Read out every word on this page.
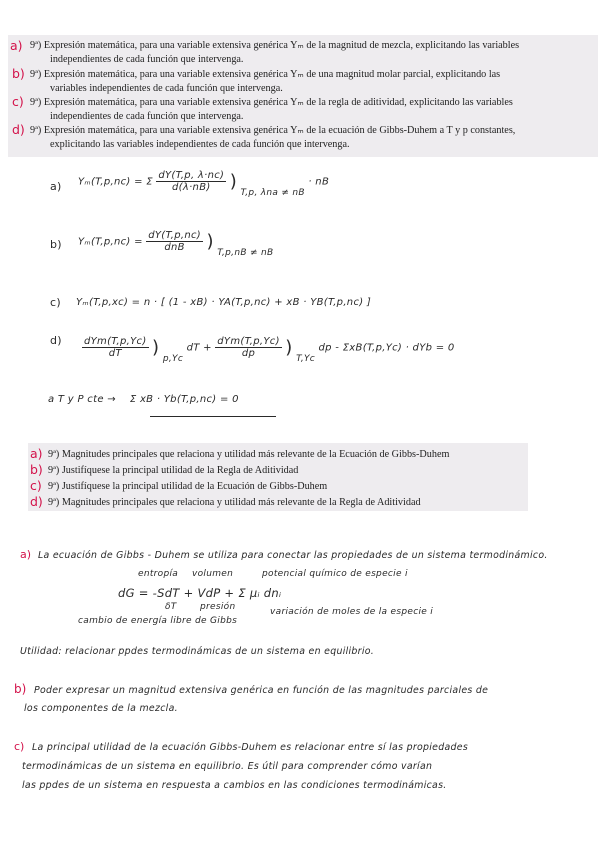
a) 9ª) Expresión matemática, para una variable extensiva genérica Yₘ de la magnitud de mezcla, explicitando las variables
independientes de cada función que intervenga.
b) 9ª) Expresión matemática, para una variable extensiva genérica Yₘ de una magnitud molar parcial, explicitando las
variables independientes de cada función que intervenga.
c) 9ª) Expresión matemática, para una variable extensiva genérica Yₘ de la regla de aditividad, explicitando las variables
independientes de cada función que intervenga.
d) 9ª) Expresión matemática, para una variable extensiva genérica Yₘ de la ecuación de Gibbs-Duhem a T y p constantes,
explicitando las variables independientes de cada función que intervenga.
a) Yₘ(T,p,nc) = Σ $\frac{dY(T,p, \lambda\cdot nc)}{d(\lambda\cdot nB)}$ ) T,p, λna ≠ nB · nB
b) $Y_m(T,p,nc) = \frac{dY(T,p,nc)}{\text{dnB}}$ ) T,p,nB ≠ nB
c) Yₘ(T,p,xc) = n · [ (1 - xB) · YA(T,p,nc) + xB · YB(T,p,nc) ]
$d) \frac{\text{dYm(T,p,Yc)}}{dT}$ ) p,Yc dT + $\frac{\text{dYm(T,p,Yc)}}{dp}$ ) T,Yc dp - ΣxB(T,p,Yc) · dYb = 0
a T y P cte → Σ xB · Yb(T,p,nc) = 0
a) 9ª) Magnitudes principales que relaciona y utilidad más relevante de la Ecuación de Gibbs-Duhem
b) 9ª) Justifíquese la principal utilidad de la Regla de Aditividad
c) 9ª) Justifíquese la principal utilidad de la Ecuación de Gibbs-Duhem
d) 9ª) Magnitudes principales que relaciona y utilidad más relevante de la Regla de Aditividad
a) La ecuación de Gibbs - Duhem se utiliza para conectar las propiedades de un sistema termodinámico.
entropía volumen	potencial químico de especie i
dG = -SdT + VdP + Σ μᵢ dnᵢ
δT	presión	variación de moles de la especie i
cambio de energía libre de Gibbs
Utilidad: relacionar ppdes termodinámicas de un sistema en equilibrio.
b) Poder expresar un magnitud extensiva genérica en función de las magnitudes parciales de
los componentes de la mezcla.
c) La principal utilidad de la ecuación Gibbs-Duhem es relacionar entre sí las propiedades
termodinámicas de un sistema en equilibrio. Es útil para comprender cómo varían
las ppdes de un sistema en respuesta a cambios en las condiciones termodinámicas.
